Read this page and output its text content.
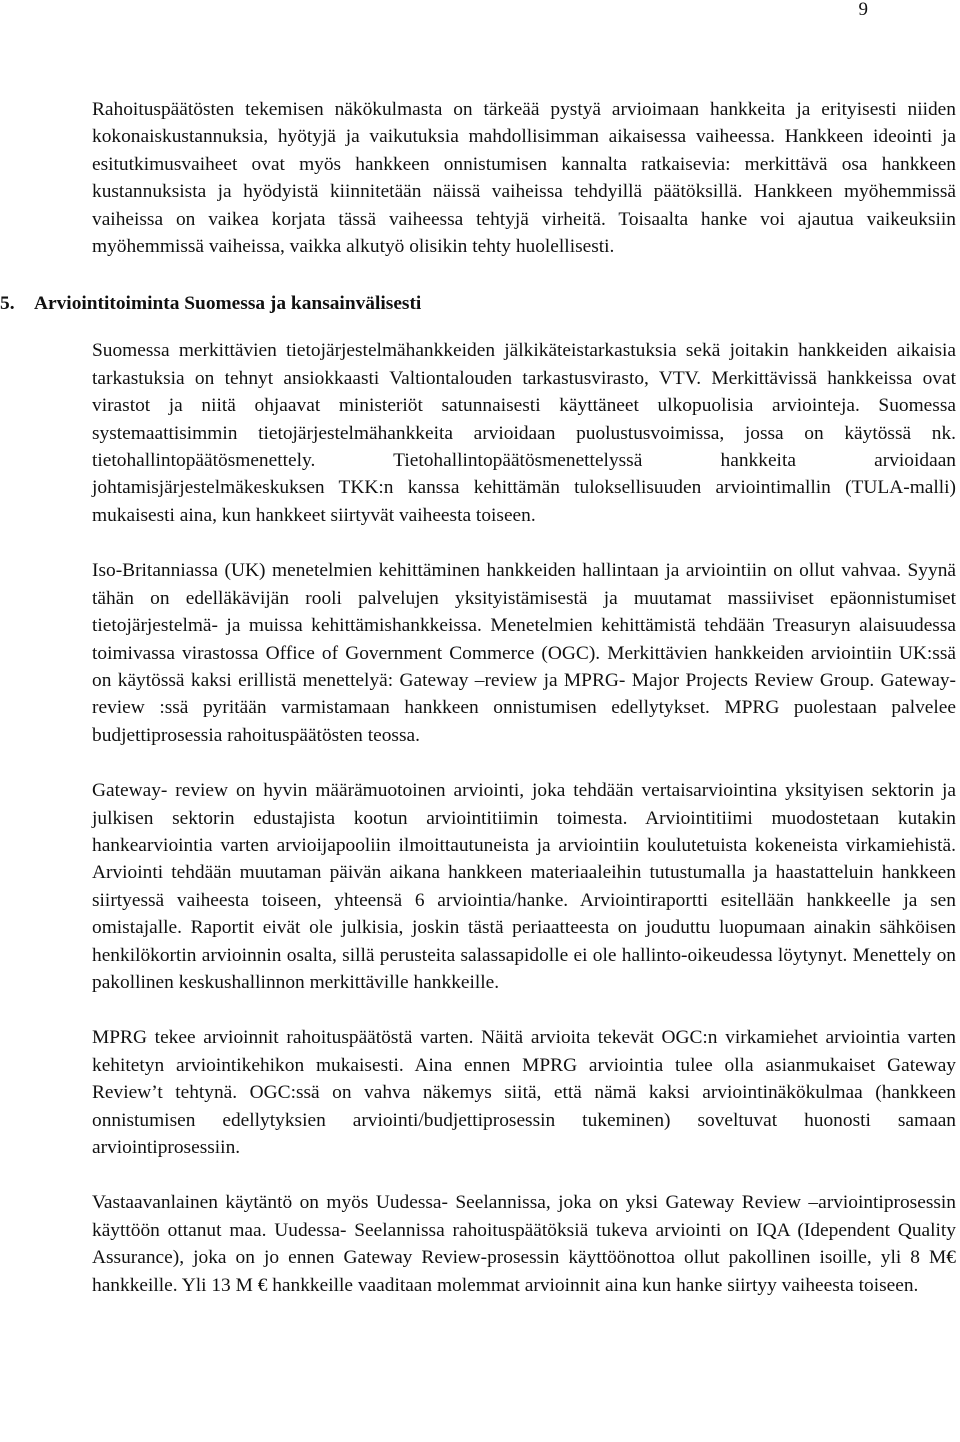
9

Rahoituspäätösten tekemisen näkökulmasta on tärkeää pystyä arvioimaan hankkeita ja erityisesti niiden kokonaiskustannuksia, hyötyjä ja vaikutuksia mahdollisimman aikaisessa vaiheessa. Hankkeen ideointi ja esitutkimusvaiheet ovat myös hankkeen onnistumisen kannalta ratkaisevia: merkittävä osa hankkeen kustannuksista ja hyödyistä kiinnitetään näissä vaiheissa tehdyillä päätöksillä. Hankkeen myöhemmissä vaiheissa on vaikea korjata tässä vaiheessa tehtyjä virheitä. Toisaalta hanke voi ajautua vaikeuksiin myöhemmissä vaiheissa, vaikka alkutyö olisikin tehty huolellisesti.

5. Arviointitoiminta Suomessa ja kansainvälisesti

Suomessa merkittävien tietojärjestelmähankkeiden jälkikäteistarkastuksia sekä joitakin hankkeiden aikaisia tarkastuksia on tehnyt ansiokkaasti Valtiontalouden tarkastusvirasto, VTV. Merkittävissä hankkeissa ovat virastot ja niitä ohjaavat ministeriöt satunnaisesti käyttäneet ulkopuolisia arviointeja. Suomessa systemaattisimmin tietojärjestelmähankkeita arvioidaan puolustusvoimissa, jossa on käytössä nk. tietohallintopäätösmenettely. Tietohallintopäätösmenettelyssä hankkeita arvioidaan johtamisjärjestelmäkeskuksen TKK:n kanssa kehittämän tuloksellisuuden arviointimallin (TULA-malli) mukaisesti aina, kun hankkeet siirtyvät vaiheesta toiseen.

Iso-Britanniassa (UK) menetelmien kehittäminen hankkeiden hallintaan ja arviointiin on ollut vahvaa. Syynä tähän on edelläkävijän rooli palvelujen yksityistämisestä ja muutamat massiiviset epäonnistumiset tietojärjestelmä- ja muissa kehittämishankkeissa. Menetelmien kehittämistä tehdään Treasuryn alaisuudessa toimivassa virastossa Office of Government Commerce (OGC). Merkittävien hankkeiden arviointiin UK:ssä on käytössä kaksi erillistä menettelyä: Gateway –review ja MPRG- Major Projects Review Group. Gateway- review :ssä pyritään varmistamaan hankkeen onnistumisen edellytykset. MPRG puolestaan palvelee budjettiprosessia rahoituspäätösten teossa.

Gateway- review on hyvin määrämuotoinen arviointi, joka tehdään vertaisarviointina yksityisen sektorin ja julkisen sektorin edustajista kootun arviointitiimin toimesta. Arviointitiimi muodostetaan kutakin hankearviointia varten arvioijapooliin ilmoittautuneista ja arviointiin koulutetuista kokeneista virkamiehistä. Arviointi tehdään muutaman päivän aikana hankkeen materiaaleihin tutustumalla ja haastatteluin hankkeen siirtyessä vaiheesta toiseen, yhteensä 6 arviointia/hanke. Arviointiraportti esitellään hankkeelle ja sen omistajalle. Raportit eivät ole julkisia, joskin tästä periaatteesta on jouduttu luopumaan ainakin sähköisen henkilökortin arvioinnin osalta, sillä perusteita salassapidolle ei ole hallinto-oikeudessa löytynyt. Menettely on pakollinen keskushallinnon merkittäville hankkeille.

MPRG tekee arvioinnit rahoituspäätöstä varten. Näitä arvioita tekevät OGC:n virkamiehet arviointia varten kehitetyn arviointikehikon mukaisesti. Aina ennen MPRG arviointia tulee olla asianmukaiset Gateway Review’t tehtynä. OGC:ssä on vahva näkemys siitä, että nämä kaksi arviointinäkökulmaa (hankkeen onnistumisen edellytyksien arviointi/budjettiprosessin tukeminen) soveltuvat huonosti samaan arviointiprosessiin.

Vastaavanlainen käytäntö on myös Uudessa- Seelannissa, joka on yksi Gateway Review –arviointiprosessin käyttöön ottanut maa. Uudessa- Seelannissa rahoituspäätöksiä tukeva arviointi on IQA (Idependent Quality Assurance), joka on jo ennen Gateway Review-prosessin käyttöönottoa ollut pakollinen isoille, yli 8 M€ hankkeille. Yli 13 M € hankkeille vaaditaan molemmat arvioinnit aina kun hanke siirtyy vaiheesta toiseen.
